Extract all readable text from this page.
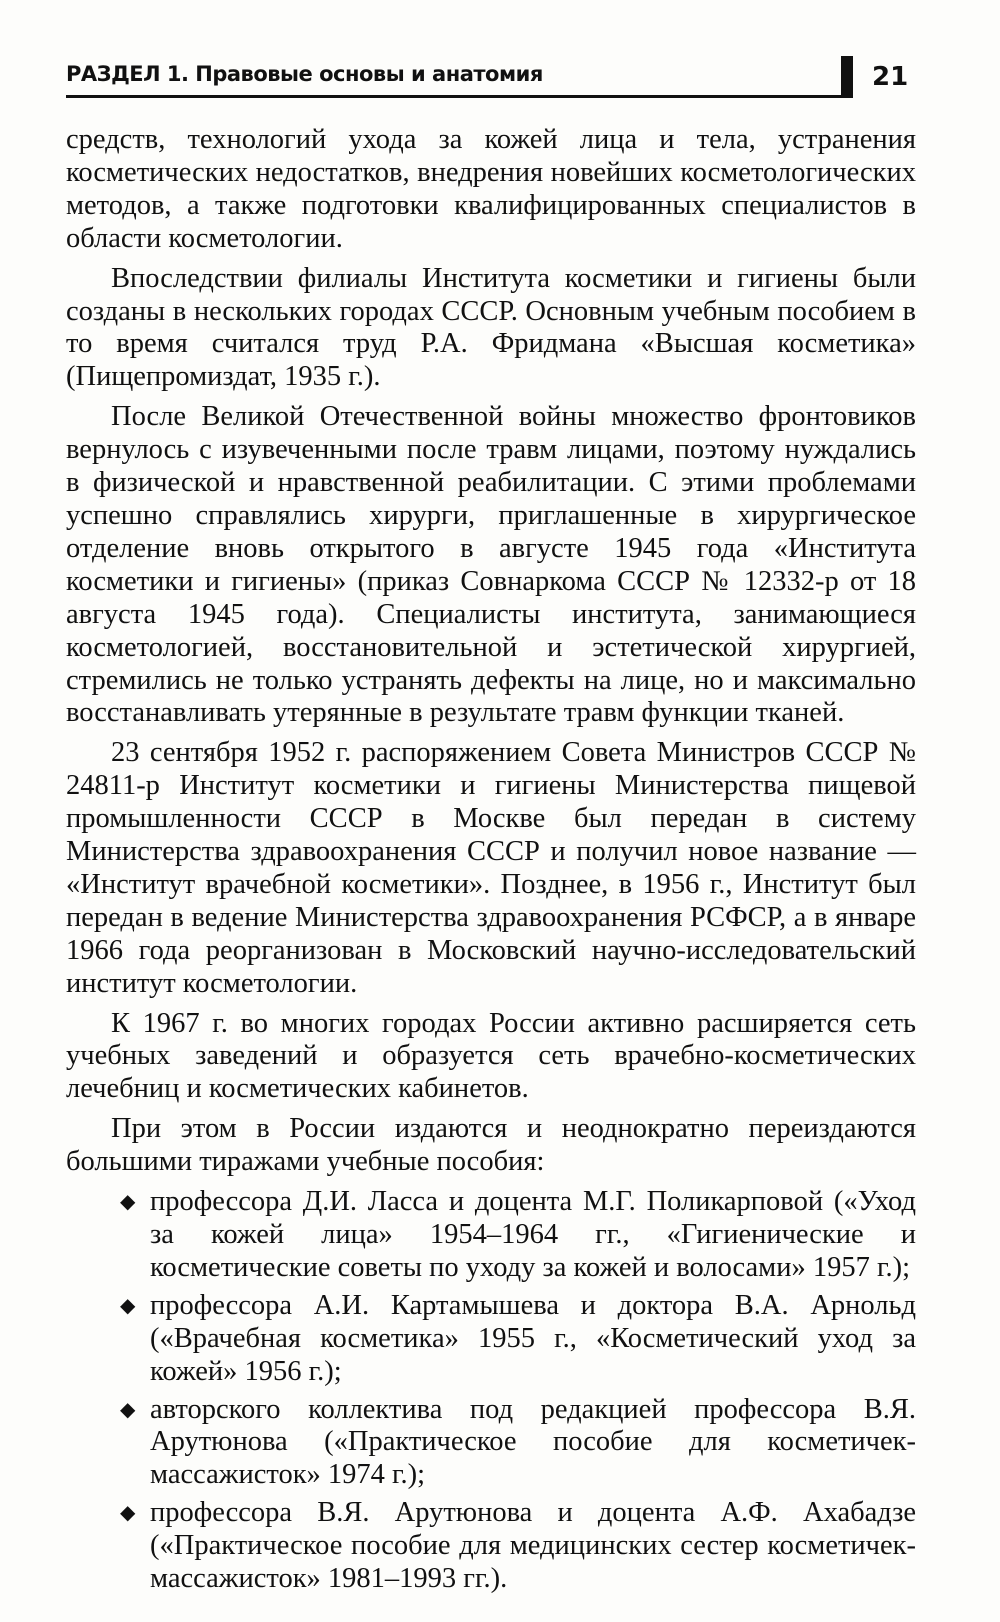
РАЗДЕЛ 1. Правовые основы и анатомия	21

средств, технологий ухода за кожей лица и тела, устранения косметических недостатков, внедрения новейших косметологических методов, а также подготовки квалифицированных специалистов в области косметологии.

Впоследствии филиалы Института косметики и гигиены были созданы в нескольких городах СССР. Основным учебным пособием в то время считался труд Р.А. Фридмана «Высшая косметика» (Пищепромиздат, 1935 г.).

После Великой Отечественной войны множество фронтовиков вернулось с изувеченными после травм лицами, поэтому нуждались в физической и нравственной реабилитации. С этими проблемами успешно справлялись хирурги, приглашенные в хирургическое отделение вновь открытого в августе 1945 года «Института косметики и гигиены» (приказ Совнаркома СССР № 12332-р от 18 августа 1945 года). Специалисты института, занимающиеся косметологией, восстановительной и эстетической хирургией, стремились не только устранять дефекты на лице, но и максимально восстанавливать утерянные в результате травм функции тканей.

23 сентября 1952 г. распоряжением Совета Министров СССР № 24811-р Институт косметики и гигиены Министерства пищевой промышленности СССР в Москве был передан в систему Министерства здравоохранения СССР и получил новое название — «Институт врачебной косметики». Позднее, в 1956 г., Институт был передан в ведение Министерства здравоохранения РСФСР, а в январе 1966 года реорганизован в Московский научно-исследовательский институт косметологии.

К 1967 г. во многих городах России активно расширяется сеть учебных заведений и образуется сеть врачебно-косметических лечебниц и косметических кабинетов.

При этом в России издаются и неоднократно переиздаются большими тиражами учебные пособия:

◆ профессора Д.И. Ласса и доцента М.Г. Поликарповой («Уход за кожей лица» 1954–1964 гг., «Гигиенические и косметические советы по уходу за кожей и волосами» 1957 г.);
◆ профессора А.И. Картамышева и доктора В.А. Арнольд («Врачебная косметика» 1955 г., «Косметический уход за кожей» 1956 г.);
◆ авторского коллектива под редакцией профессора В.Я. Арутюнова («Практическое пособие для косметичек-массажисток» 1974 г.);
◆ профессора В.Я. Арутюнова и доцента А.Ф. Ахабадзе («Практическое пособие для медицинских сестер косметичек-массажисток» 1981–1993 гг.).
